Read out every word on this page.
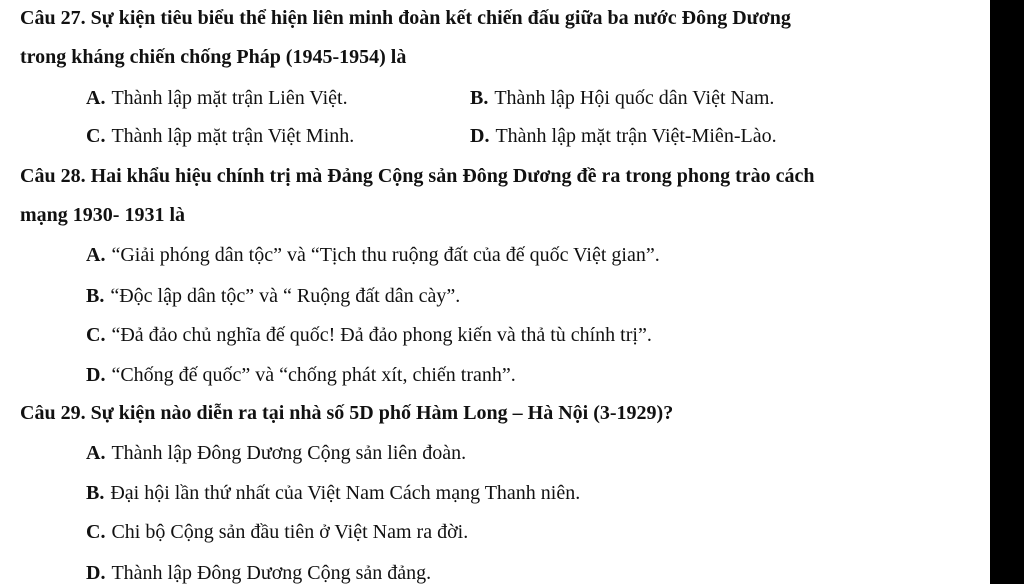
Câu 27. Sự kiện tiêu biểu thể hiện liên minh đoàn kết chiến đấu giữa ba nước Đông Dương
trong kháng chiến chống Pháp (1945-1954) là
A. Thành lập mặt trận Liên Việt.	B. Thành lập Hội quốc dân Việt Nam.
C. Thành lập mặt trận Việt Minh.	D. Thành lập mặt trận Việt-Miên-Lào.
Câu 28. Hai khẩu hiệu chính trị mà Đảng Cộng sản Đông Dương đề ra trong phong trào cách
mạng 1930- 1931 là
A. “Giải phóng dân tộc” và “Tịch thu ruộng đất của đế quốc Việt gian”.
B. “Độc lập dân tộc” và “ Ruộng đất dân cày”.
C. “Đả đảo chủ nghĩa đế quốc! Đả đảo phong kiến và thả tù chính trị”.
D. “Chống đế quốc” và “chống phát xít, chiến tranh”.
Câu 29. Sự kiện nào diễn ra tại nhà số 5D phố Hàm Long – Hà Nội (3-1929)?
A. Thành lập Đông Dương Cộng sản liên đoàn.
B. Đại hội lần thứ nhất của Việt Nam Cách mạng Thanh niên.
C. Chi bộ Cộng sản đầu tiên ở Việt Nam ra đời.
D. Thành lập Đông Dương Cộng sản đảng.
